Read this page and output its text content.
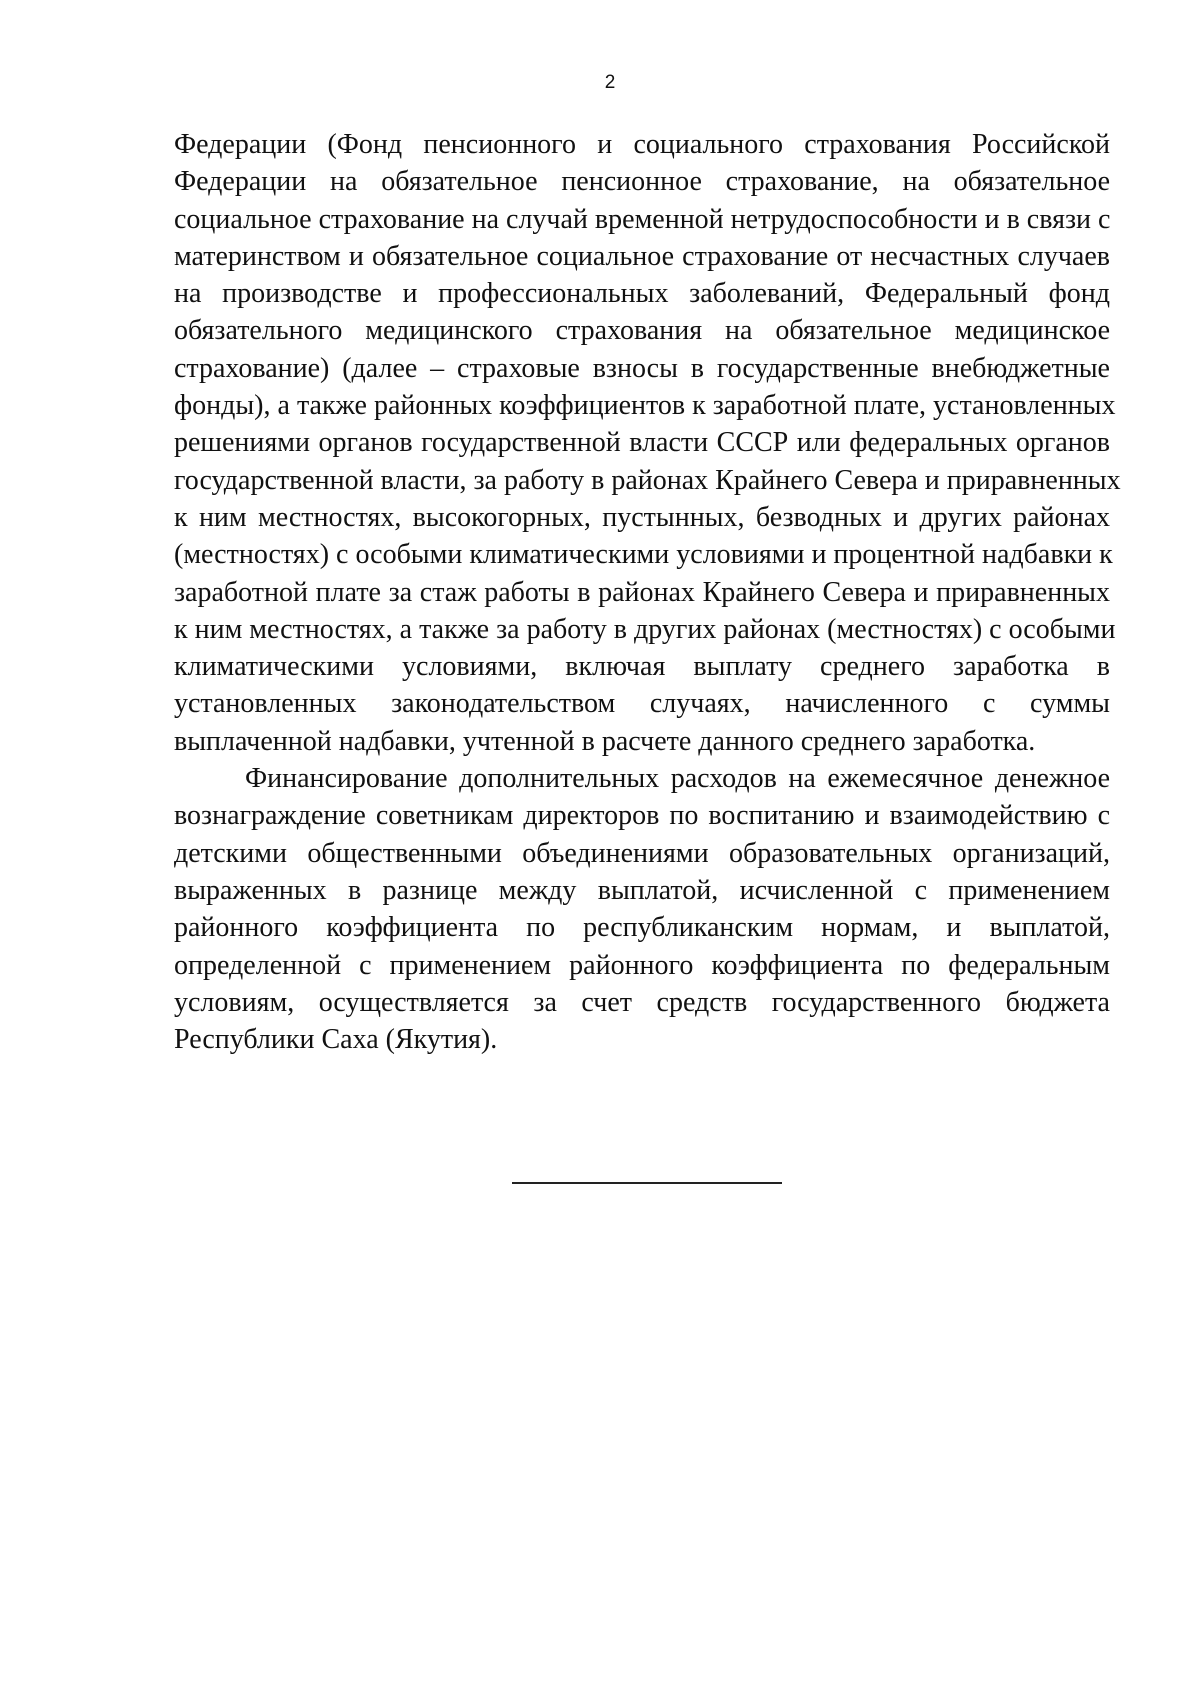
2
Федерации (Фонд пенсионного и социального страхования Российской
Федерации на обязательное пенсионное страхование, на обязательное
социальное страхование на случай временной нетрудоспособности и в связи с
материнством и обязательное социальное страхование от несчастных случаев
на производстве и профессиональных заболеваний, Федеральный фонд
обязательного медицинского страхования на обязательное медицинское
страхование) (далее – страховые взносы в государственные внебюджетные
фонды), а также районных коэффициентов к заработной плате, установленных
решениями органов государственной власти СССР или федеральных органов
государственной власти, за работу в районах Крайнего Севера и приравненных
к ним местностях, высокогорных, пустынных, безводных и других районах
(местностях) с особыми климатическими условиями и процентной надбавки к
заработной плате за стаж работы в районах Крайнего Севера и приравненных
к ним местностях, а также за работу в других районах (местностях) с особыми
климатическими условиями, включая выплату среднего заработка в
установленных законодательством случаях, начисленного с суммы
выплаченной надбавки, учтенной в расчете данного среднего заработка.
Финансирование дополнительных расходов на ежемесячное денежное
вознаграждение советникам директоров по воспитанию и взаимодействию с
детскими общественными объединениями образовательных организаций,
выраженных в разнице между выплатой, исчисленной с применением
районного коэффициента по республиканским нормам, и выплатой,
определенной с применением районного коэффициента по федеральным
условиям, осуществляется за счет средств государственного бюджета
Республики Саха (Якутия).
